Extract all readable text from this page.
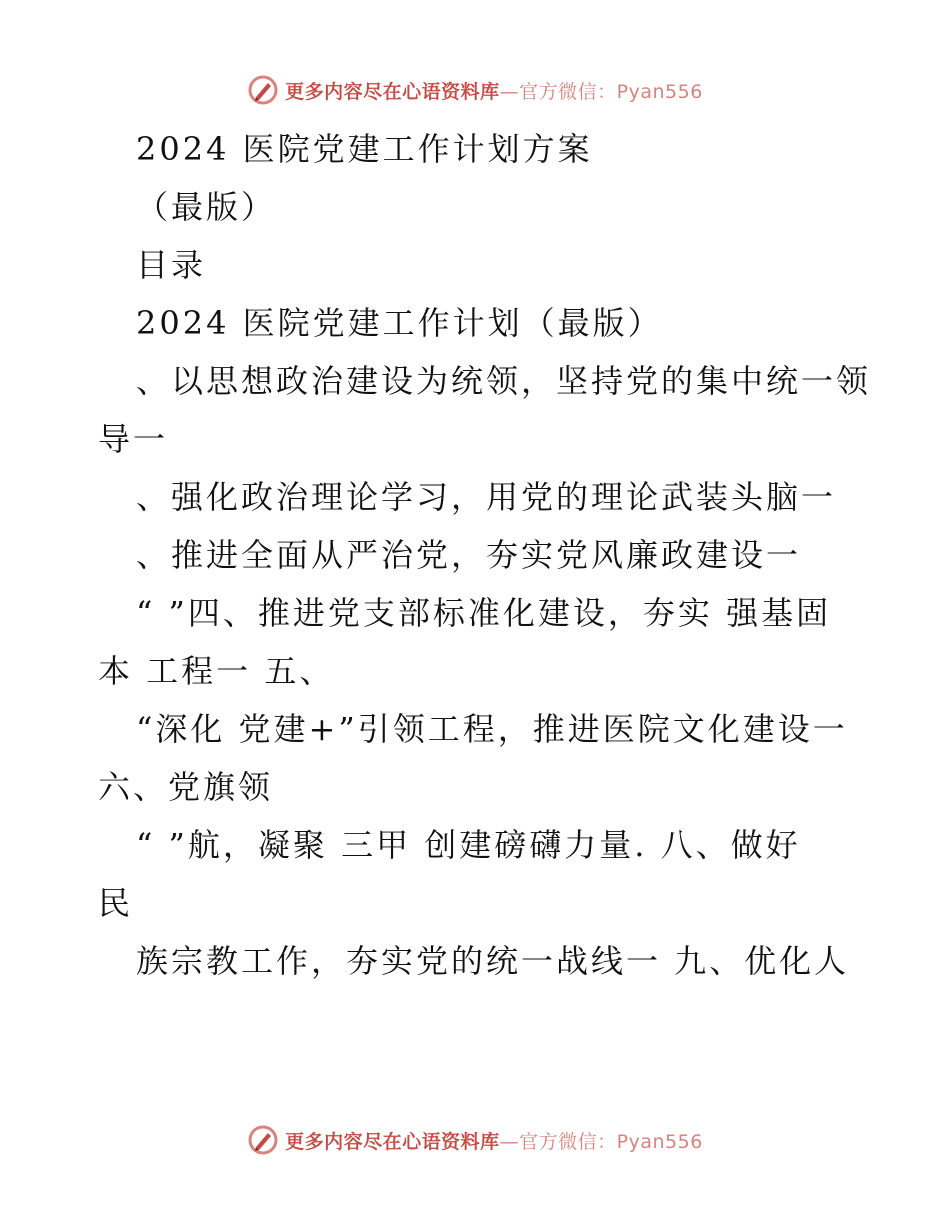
更多内容尽在心语资料库—官方微信：Pyan556
2024 医院党建工作计划方案
（最版）
目录
2024 医院党建工作计划（最版）
、以思想政治建设为统领，坚持党的集中统一领
导一
、强化政治理论学习，用党的理论武装头脑一
、推进全面从严治党，夯实党风廉政建设一
“ ”四、推进党支部标准化建设，夯实 强基固
本 工程一 五、
“深化 党建+”引领工程，推进医院文化建设一
六、党旗领
“ ”航，凝聚 三甲 创建磅礴力量. 八、做好
民
族宗教工作，夯实党的统一战线一 九、优化人
更多内容尽在心语资料库—官方微信：Pyan556
